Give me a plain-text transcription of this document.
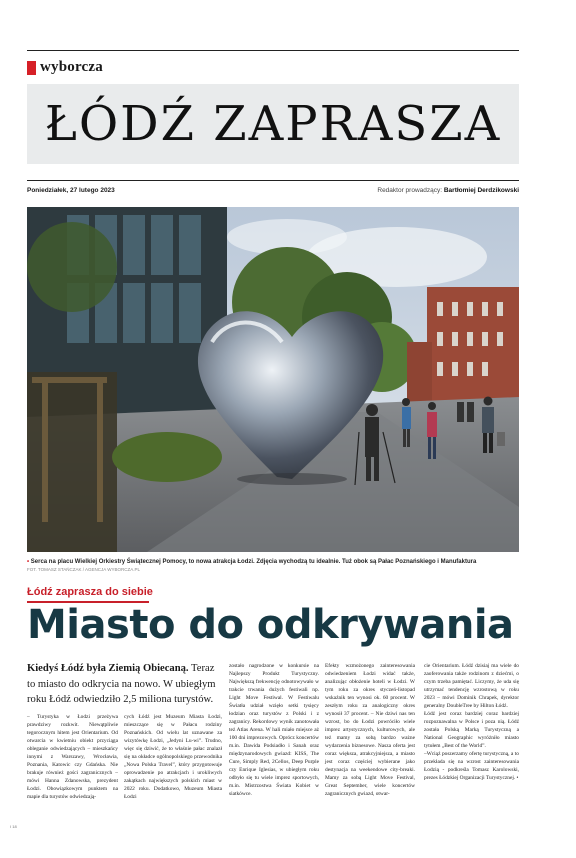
wyborcza
ŁÓDŹ ZAPRASZA
Poniedziałek, 27 lutego 2023	Redaktor prowadzący: Bartłomiej Derdzikowski
• Serca na placu Wielkiej Orkiestry Świątecznej Pomocy, to nowa atrakcja Łodzi. Zdjęcia wychodzą tu idealnie. Tuż obok są Pałac Poznańskiego i Manufaktura
FOT. TOMASZ STAŃCZAK / AGENCJA WYBORCZA.PL
Łódź zaprasza do siebie
Miasto do odkrywania
Kiedyś Łódź była Ziemią Obiecaną. Teraz to miasto do odkrycia na nowo. W ubiegłym roku Łódź odwiedziło 2,5 miliona turystów.
– Turystyka w Łodzi przeżywa prawdziwy rozkwit. Niewątpliwie tegorocznym hitem jest Orientarium. Od otwarcia w kwietniu obiekt przyciąga obleganie odwiedzających – mieszkańcy innymi z Warszawy, Wrocławia, Poznania, Katowic czy Gdańska. Nie brakuje również gości zagranicznych – mówi Hanna Zdanowska, prezydent Łodzi. Obowiązkowym punktem na mapie dla turystów odwiedzają-
cych Łódź jest Muzeum Miasta Łodzi, mieszczące się w Pałacu rodziny Poznańskich. Od wielu lat uznawane za wizytówkę Łodzi, „Jedyni Lu-wi”. Trudno, więc się dziwić, że to właśnie pałac znalazł się na okładce ogólnopolskiego przewodnika „Nowa Polska Travel”, który przygotowuje oprowadzenie po atrakcjach i urokliwych zakątkach największych polskich miast w 2022 roku. Dodatkowo, Muzeum Miasta Łodzi
zostało nagrodzone w konkursie na Najlepszy Produkt Turystyczny. Największą frekwencję odnotowywało w trakcie trwania dużych festiwali np. Light Move Festiwal. W Festiwalu Światła udział wzięło setki tysięcy łodzian oraz turystów z Polski i z zagranicy. Rekordowy wynik zanotowała też Atlas Arena. W hali miało miejsce aż 100 dni imprezowych. Oprócz koncertów m.in. Dawida Podsiadło i Sanah oraz międzynarodowych gwiazd: KISS, The Cure, Simply Red, 2Cellos, Deep Purple czy Enrique Iglesias, w ubiegłym roku odbyło się tu wiele imprez sportowych, m.in. Mistrzostwa Świata Kobiet w siatkówce.
Efekty wzmożonego zainteresowania odwiedzeniem Łodzi widać także, analizując obłożenie hoteli w Łodzi. W tym roku za okres styczeń-listopad wskaźnik ten wynosi ok. 60 procent. W zeszłym roku za analogiczny okres wynosił 37 procent. – Nie dziwi nas ten wzrost, bo do Łodzi powróciło wiele imprez artystycznych, kulturowych, ale też mamy za sobą bardzo ważne wydarzenia biznesowe. Nasza oferta jest coraz większa, atrakcyjniejsza, a miasto jest coraz częściej wybierane jako destynacja na weekendowe city-breaki. Mamy za sobą Light Move Festival, Great September, wiele koncertów zagranicznych gwiazd, otwar-

cie Orientarium. Łódź dzisiaj ma wiele do zaoferowania także rodzinom z dziećmi, o czym trzeba pamiętać. Liczymy, że uda się utrzymać tendencję wzrostową w roku 2023 – mówi Dominik Chrapek, dyrektor generalny DoubleTree by Hilton Łódź.

Łódź jest coraz bardziej coraz bardziej rozpoznawalna w Polsce i poza nią. Łódź została Polską Marką Turystyczną a National Geographic wyróżniło miasto tytułem „Best of the World”.

–Wciąż poszerzamy ofertę turystyczną, a to przekłada się na wzrost zainteresowania Łodzią - podkreśla Tomasz Karolowski, prezes Łódzkiej Organizacji Turystycznej. •

I 18
